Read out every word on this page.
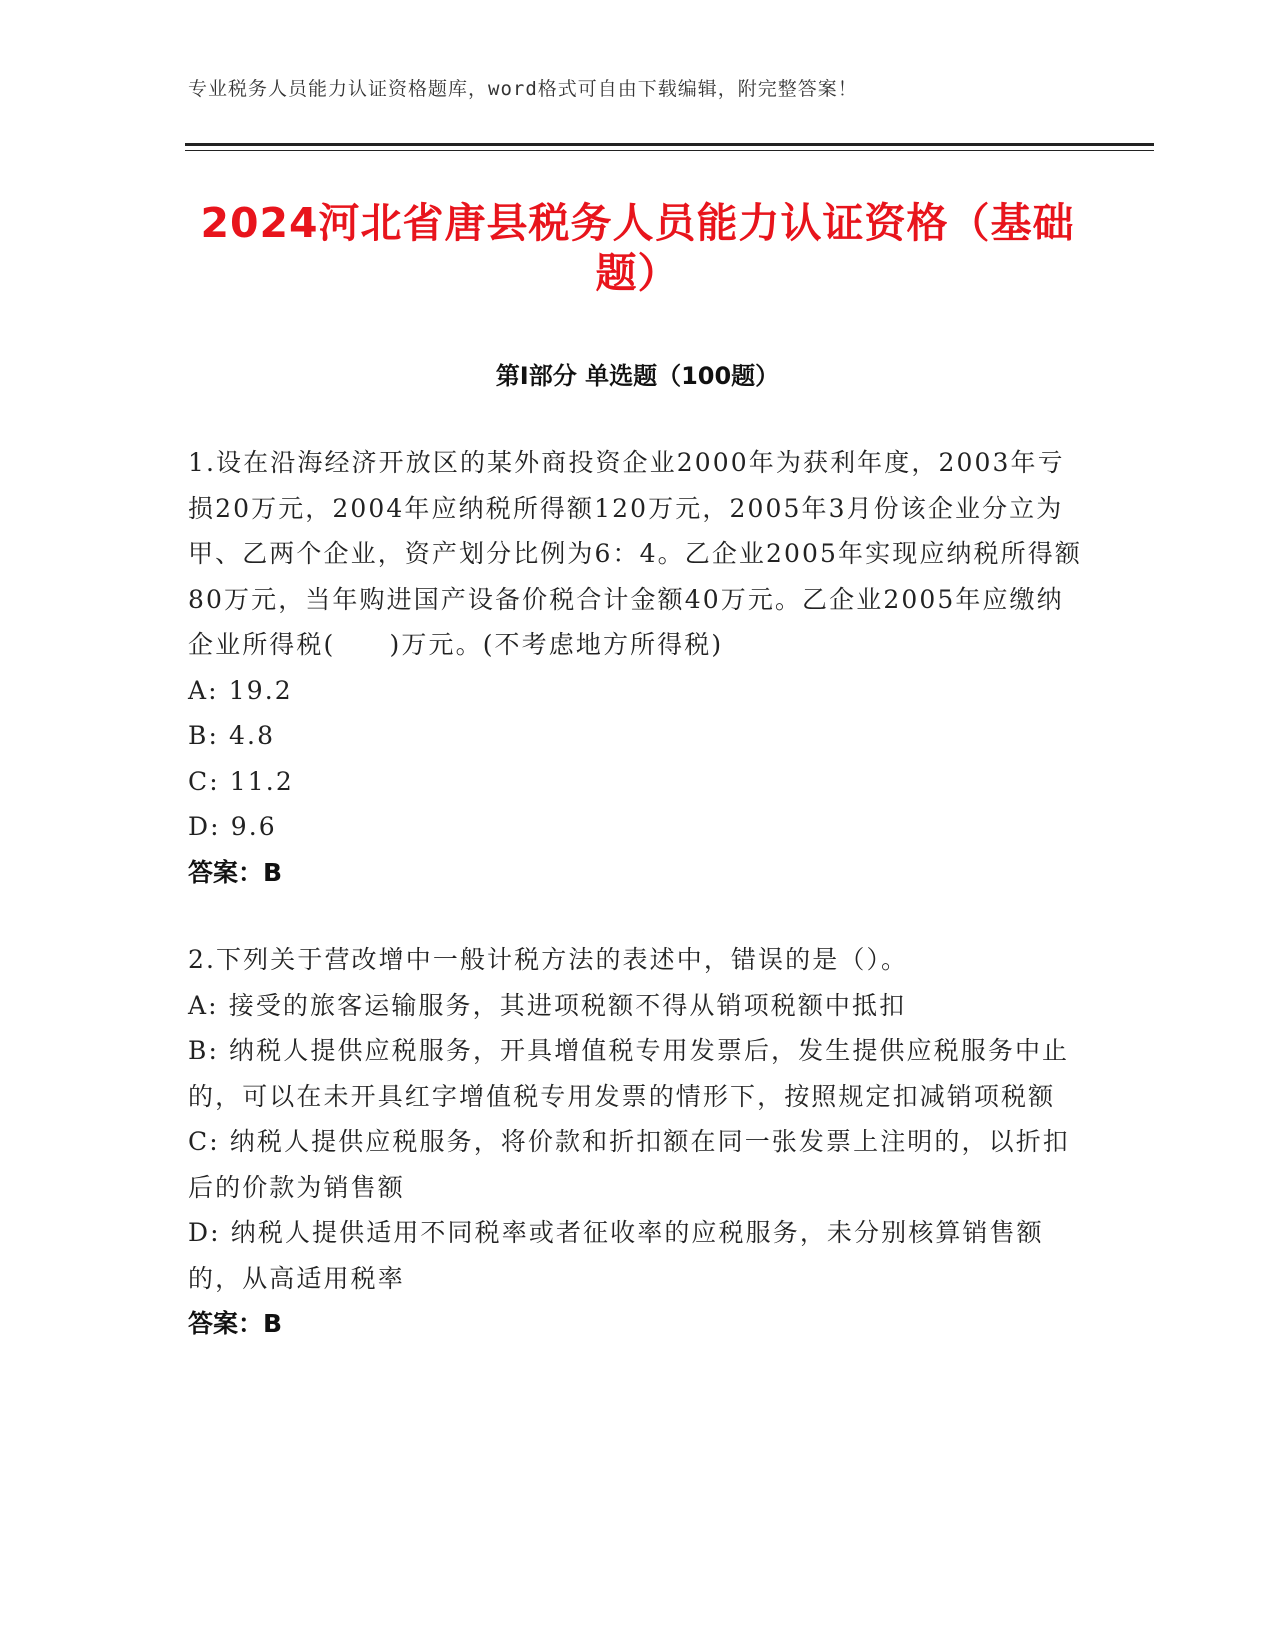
专业税务人员能力认证资格题库，word格式可自由下载编辑，附完整答案！
2024河北省唐县税务人员能力认证资格（基础题）
第Ⅰ部分 单选题（100题）

1.设在沿海经济开放区的某外商投资企业2000年为获利年度，2003年亏损20万元，2004年应纳税所得额120万元，2005年3月份该企业分立为甲、乙两个企业，资产划分比例为6：4。乙企业2005年实现应纳税所得额80万元，当年购进国产设备价税合计金额40万元。乙企业2005年应缴纳企业所得税(　　)万元。(不考虑地方所得税)

A: 19.2

B: 4.8

C: 11.2

D: 9.6

答案：B

2.下列关于营改增中一般计税方法的表述中，错误的是（）。

A: 接受的旅客运输服务，其进项税额不得从销项税额中抵扣

B: 纳税人提供应税服务，开具增值税专用发票后，发生提供应税服务中止的，可以在未开具红字增值税专用发票的情形下，按照规定扣减销项税额

C: 纳税人提供应税服务，将价款和折扣额在同一张发票上注明的，以折扣后的价款为销售额

D: 纳税人提供适用不同税率或者征收率的应税服务，未分别核算销售额的，从高适用税率

答案：B
